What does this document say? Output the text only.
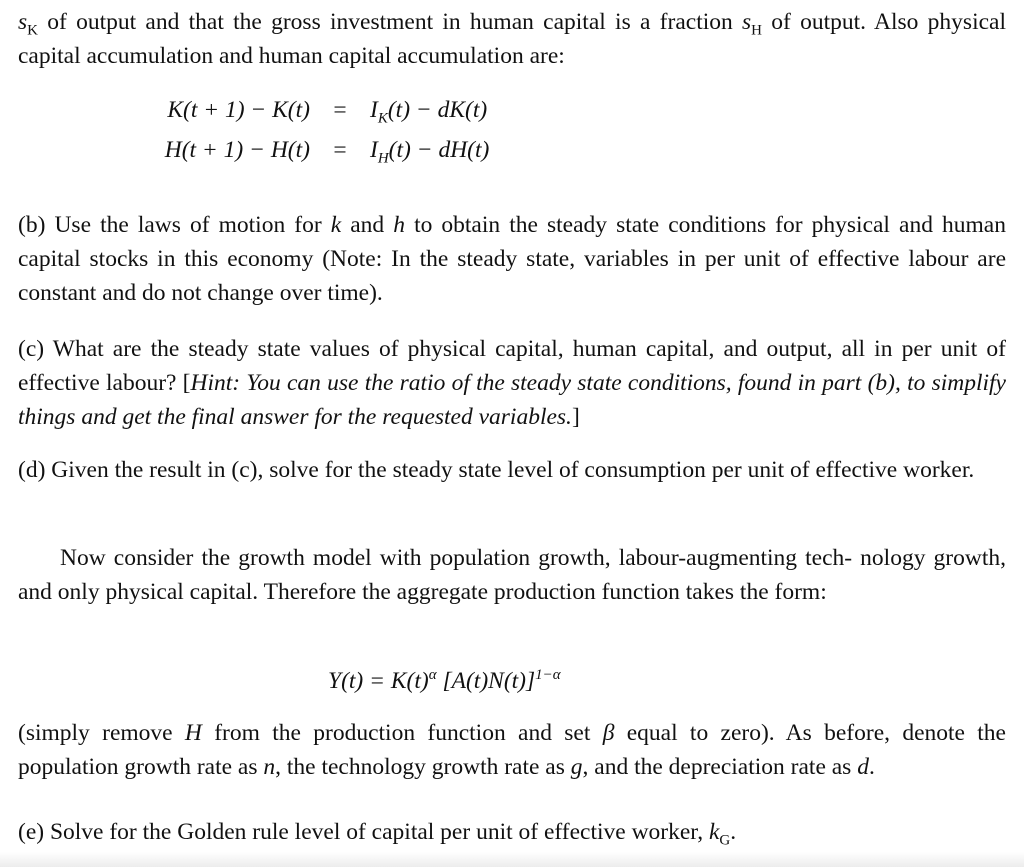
$s_K$ of output and that the gross investment in human capital is a fraction $s_H$ of output. Also physical capital accumulation and human capital accumulation are:
$K(t + 1) - K(t) = I_K(t) - dK(t)$
$H(t + 1) - H(t) = I_H(t) - dH(t)$
(b) Use the laws of motion for k and h to obtain the steady state conditions for physical and human capital stocks in this economy (Note: In the steady state, variables in per unit of effective labour are constant and do not change over time).
(c) What are the steady state values of physical capital, human capital, and output, all in per unit of effective labour? [Hint: You can use the ratio of the steady state conditions, found in part (b), to simplify things and get the final answer for the requested variables.]
(d) Given the result in (c), solve for the steady state level of consumption per unit of effective worker.
Now consider the growth model with population growth, labour-augmenting tech- nology growth, and only physical capital. Therefore the aggregate production function takes the form:
$Y(t) = K(t)^\alpha$ $[A(t)N(t)]^{1-\alpha}$
(simply remove H from the production function and set β equal to zero). As before, denote the population growth rate as n, the technology growth rate as g, and the depreciation rate as d.
(e) Solve for the Golden rule level of capital per unit of effective worker, $k_G$.
